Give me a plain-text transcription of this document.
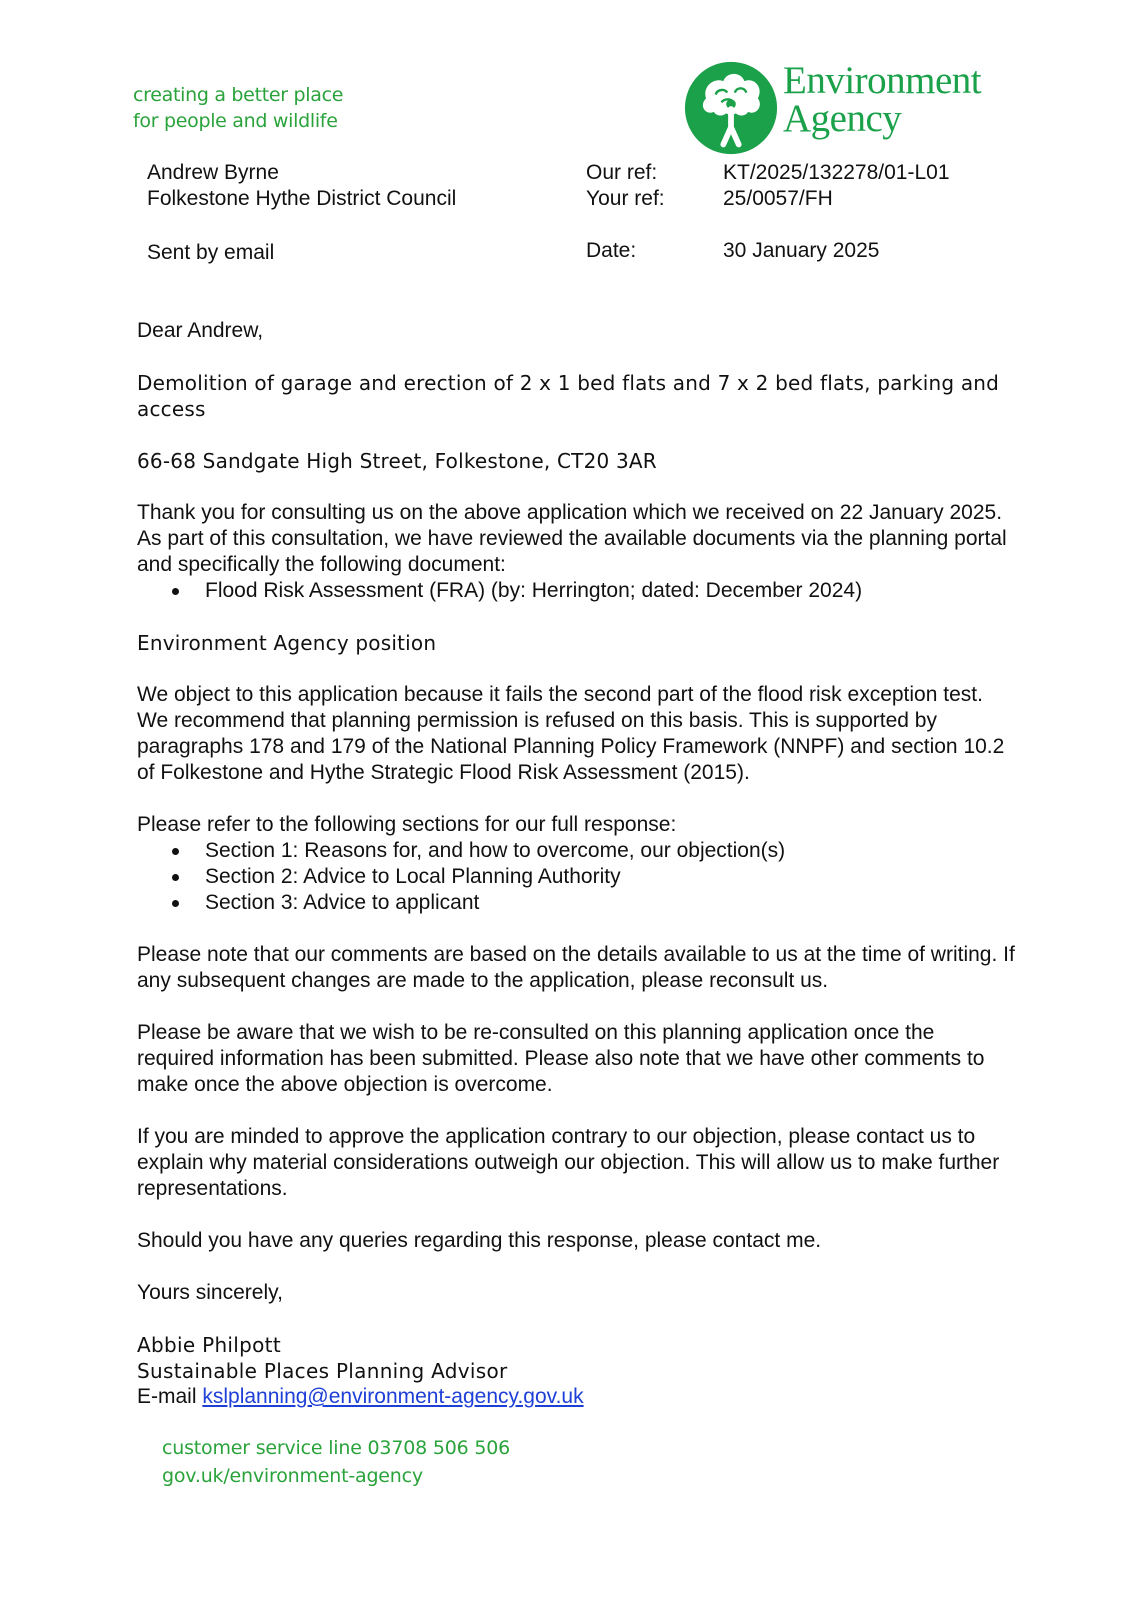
creating a better place
for people and wildlife
Environment
Agency
Andrew Byrne
Folkestone Hythe District Council
Sent by email
Our ref:	KT/2025/132278/01-L01
Your ref:	25/0057/FH
Date:	30 January 2025

Dear Andrew,

Demolition of garage and erection of 2 x 1 bed flats and 7 x 2 bed flats, parking and access

66-68 Sandgate High Street, Folkestone, CT20 3AR

Thank you for consulting us on the above application which we received on 22 January 2025. As part of this consultation, we have reviewed the available documents via the planning portal and specifically the following document:

Flood Risk Assessment (FRA) (by: Herrington; dated: December 2024)

Environment Agency position

We object to this application because it fails the second part of the flood risk exception test. We recommend that planning permission is refused on this basis. This is supported by paragraphs 178 and 179 of the National Planning Policy Framework (NNPF) and section 10.2 of Folkestone and Hythe Strategic Flood Risk Assessment (2015).

Please refer to the following sections for our full response:

Section 1: Reasons for, and how to overcome, our objection(s)
Section 2: Advice to Local Planning Authority
Section 3: Advice to applicant

Please note that our comments are based on the details available to us at the time of writing. If any subsequent changes are made to the application, please reconsult us.

Please be aware that we wish to be re-consulted on this planning application once the required information has been submitted. Please also note that we have other comments to make once the above objection is overcome.

If you are minded to approve the application contrary to our objection, please contact us to explain why material considerations outweigh our objection. This will allow us to make further representations.

Should you have any queries regarding this response, please contact me.

Yours sincerely,

Abbie Philpott
Sustainable Places Planning Advisor
E-mail kslplanning@environment-agency.gov.uk
customer service line 03708 506 506
gov.uk/environment-agency
